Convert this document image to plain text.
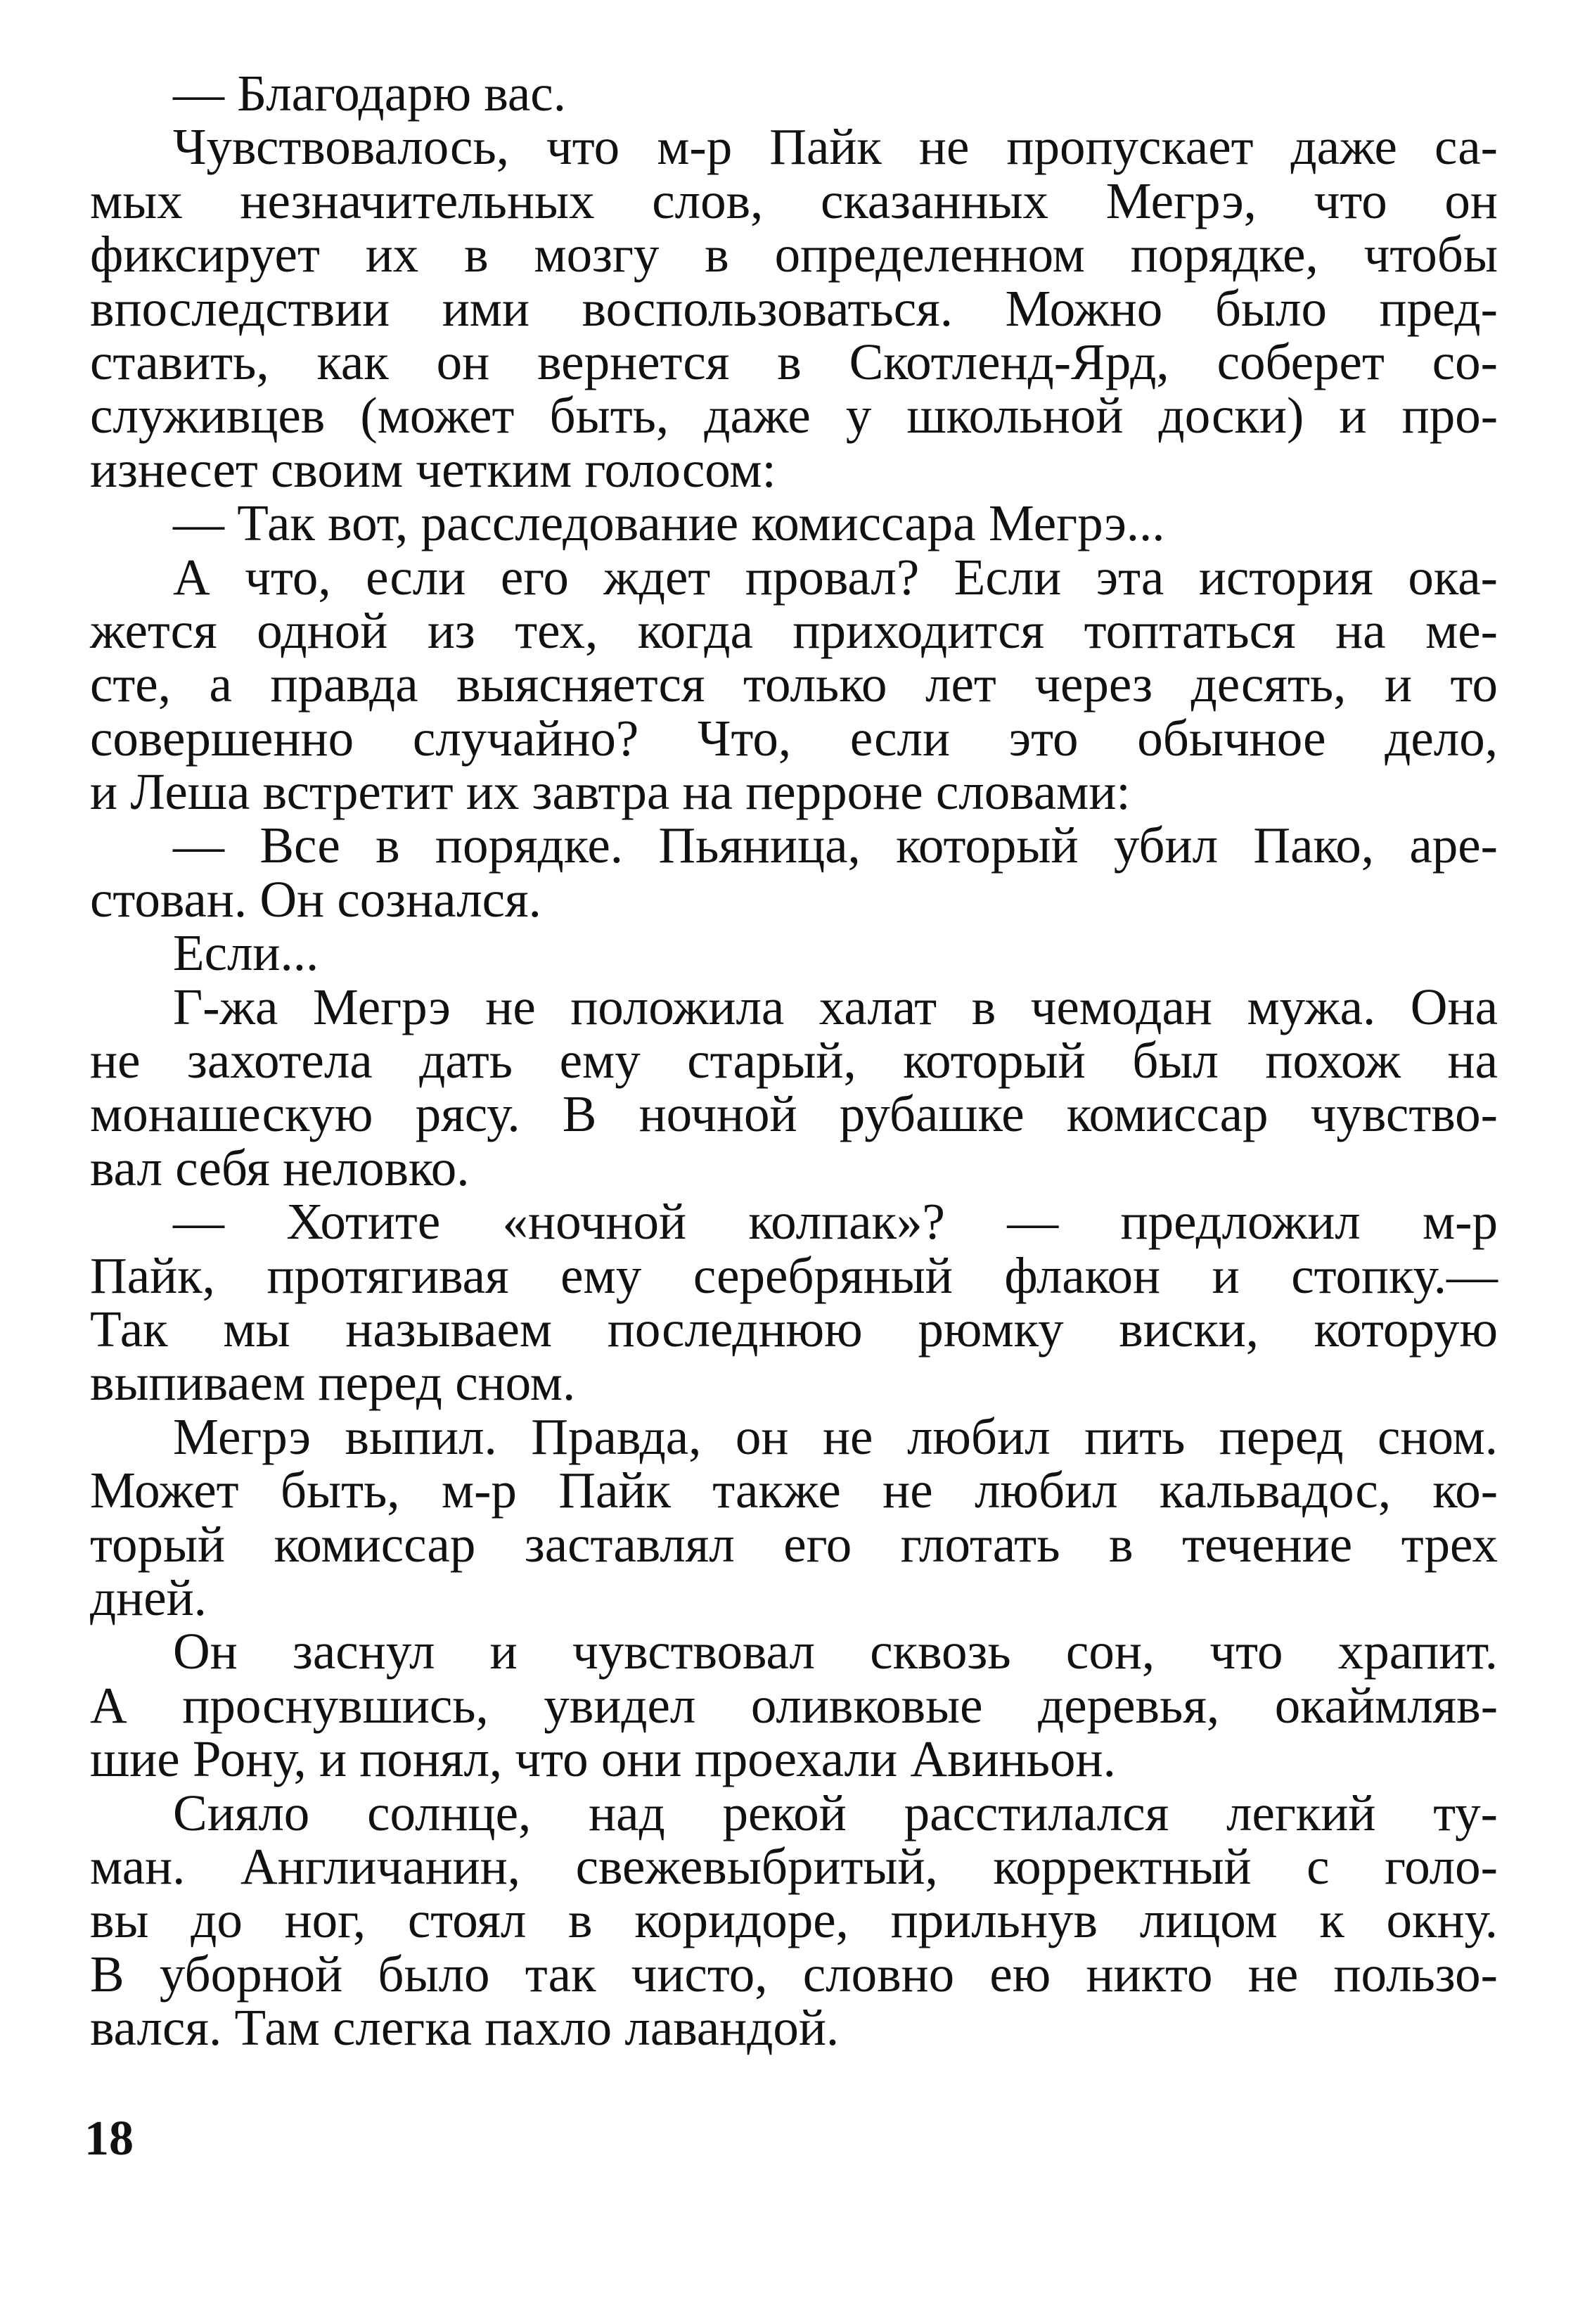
— Благодарю вас.
Чувствовалось, что м-р Пайк не пропускает даже са-
мых незначительных слов, сказанных Мегрэ, что он
фиксирует их в мозгу в определенном порядке, чтобы
впоследствии ими воспользоваться. Можно было пред-
ставить, как он вернется в Скотленд-Ярд, соберет со-
служивцев (может быть, даже у школьной доски) и про-
изнесет своим четким голосом:
— Так вот, расследование комиссара Мегрэ...
А что, если его ждет провал? Если эта история ока-
жется одной из тех, когда приходится топтаться на ме-
сте, а правда выясняется только лет через десять, и то
совершенно случайно? Что, если это обычное дело,
и Леша встретит их завтра на перроне словами:
— Все в порядке. Пьяница, который убил Пако, аре-
стован. Он сознался.
Если...
Г-жа Мегрэ не положила халат в чемодан мужа. Она
не захотела дать ему старый, который был похож на
монашескую рясу. В ночной рубашке комиссар чувство-
вал себя неловко.
— Хотите «ночной колпак»? — предложил м-р
Пайк, протягивая ему серебряный флакон и стопку.—
Так мы называем последнюю рюмку виски, которую
выпиваем перед сном.
Мегрэ выпил. Правда, он не любил пить перед сном.
Может быть, м-р Пайк также не любил кальвадос, ко-
торый комиссар заставлял его глотать в течение трех
дней.
Он заснул и чувствовал сквозь сон, что храпит.
А проснувшись, увидел оливковые деревья, окаймляв-
шие Рону, и понял, что они проехали Авиньон.
Сияло солнце, над рекой расстилался легкий ту-
ман. Англичанин, свежевыбритый, корректный с голо-
вы до ног, стоял в коридоре, прильнув лицом к окну.
В уборной было так чисто, словно ею никто не пользо-
вался. Там слегка пахло лавандой.
18
